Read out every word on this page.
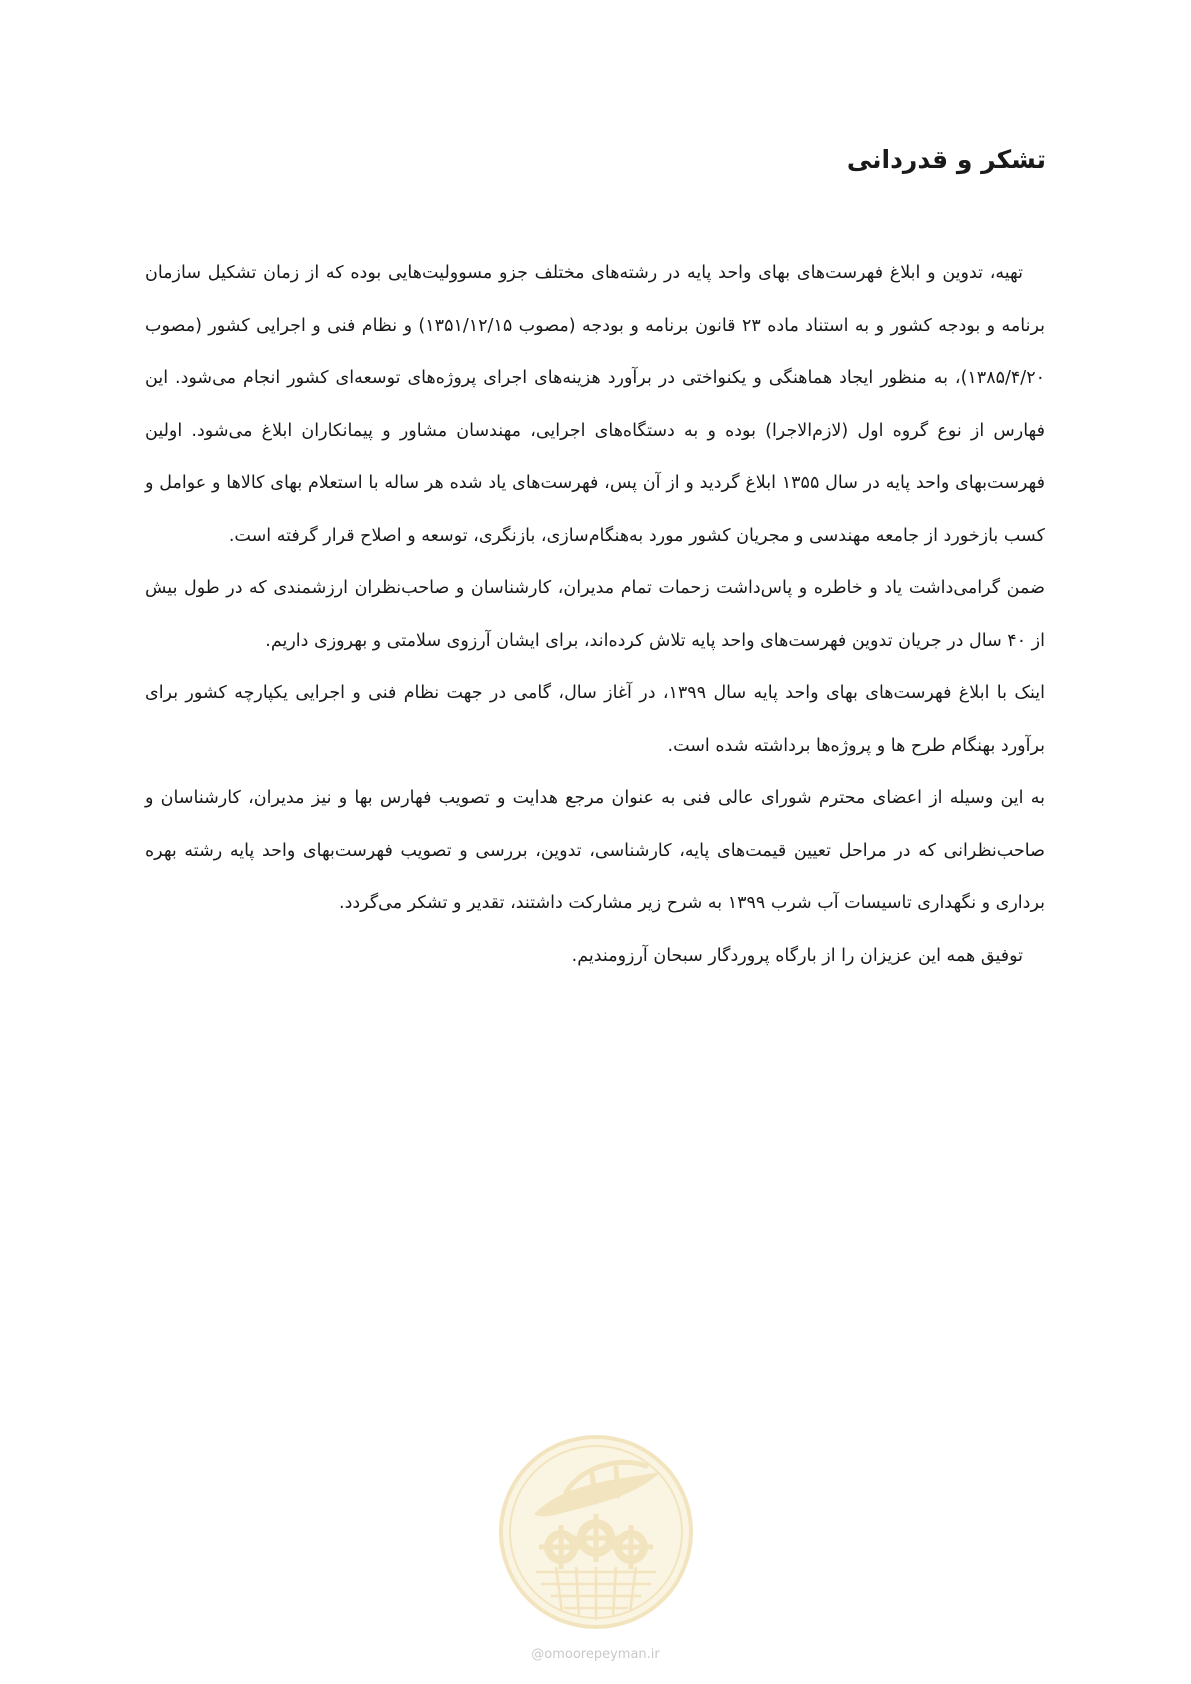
تشکر و قدردانی

تهیه، تدوین و ابلاغ فهرست‌های بهای واحد پایه در رشته‌های مختلف جزو مسوولیت‌هایی بوده که از زمان تشکیل سازمان برنامه و بودجه کشور و به استناد ماده ۲۳ قانون برنامه و بودجه (مصوب ۱۳۵۱/۱۲/۱۵) و نظام فنی و اجرایی کشور (مصوب ۱۳۸۵/۴/۲۰)، به منظور ایجاد هماهنگی و یکنواختی در برآورد هزینه‌های اجرای پروژه‌های توسعه‌ای کشور انجام می‌شود. این فهارس از نوع گروه اول (لازم‌الاجرا) بوده و به دستگاه‌های اجرایی، مهندسان مشاور و پیمانکاران ابلاغ می‌شود. اولین فهرست‌بهای واحد پایه در سال ۱۳۵۵ ابلاغ گردید و از آن پس، فهرست‌های یاد شده هر ساله با استعلام بهای کالاها و عوامل و کسب بازخورد از جامعه مهندسی و مجریان کشور مورد به‌هنگام‌سازی، بازنگری، توسعه و اصلاح قرار گرفته است.

ضمن گرامی‌داشت یاد و خاطره و پاس‌داشت زحمات تمام مدیران، کارشناسان و صاحب‌نظران ارزشمندی که در طول بیش از ۴۰ سال در جریان تدوین فهرست‌های واحد پایه تلاش کرده‌اند، برای ایشان آرزوی سلامتی و بهروزی داریم.

اینک با ابلاغ فهرست‌های بهای واحد پایه سال ۱۳۹۹، در آغاز سال، گامی در جهت نظام فنی و اجرایی یکپارچه کشور برای برآورد بهنگام طرح ها و پروژه‌ها برداشته شده است.

به این وسیله از اعضای محترم شورای عالی فنی به عنوان مرجع هدایت و تصویب فهارس بها و نیز مدیران، کارشناسان و صاحب‌نظرانی که در مراحل تعیین قیمت‌های پایه، کارشناسی، تدوین، بررسی و تصویب فهرست‌بهای واحد پایه رشته بهره برداری و نگهداری تاسیسات آب شرب ۱۳۹۹ به شرح زیر مشارکت داشتند، تقدیر و تشکر می‌گردد.

توفیق همه این عزیزان را از بارگاه پروردگار سبحان آرزومندیم.

@omoorepeyman.ir
